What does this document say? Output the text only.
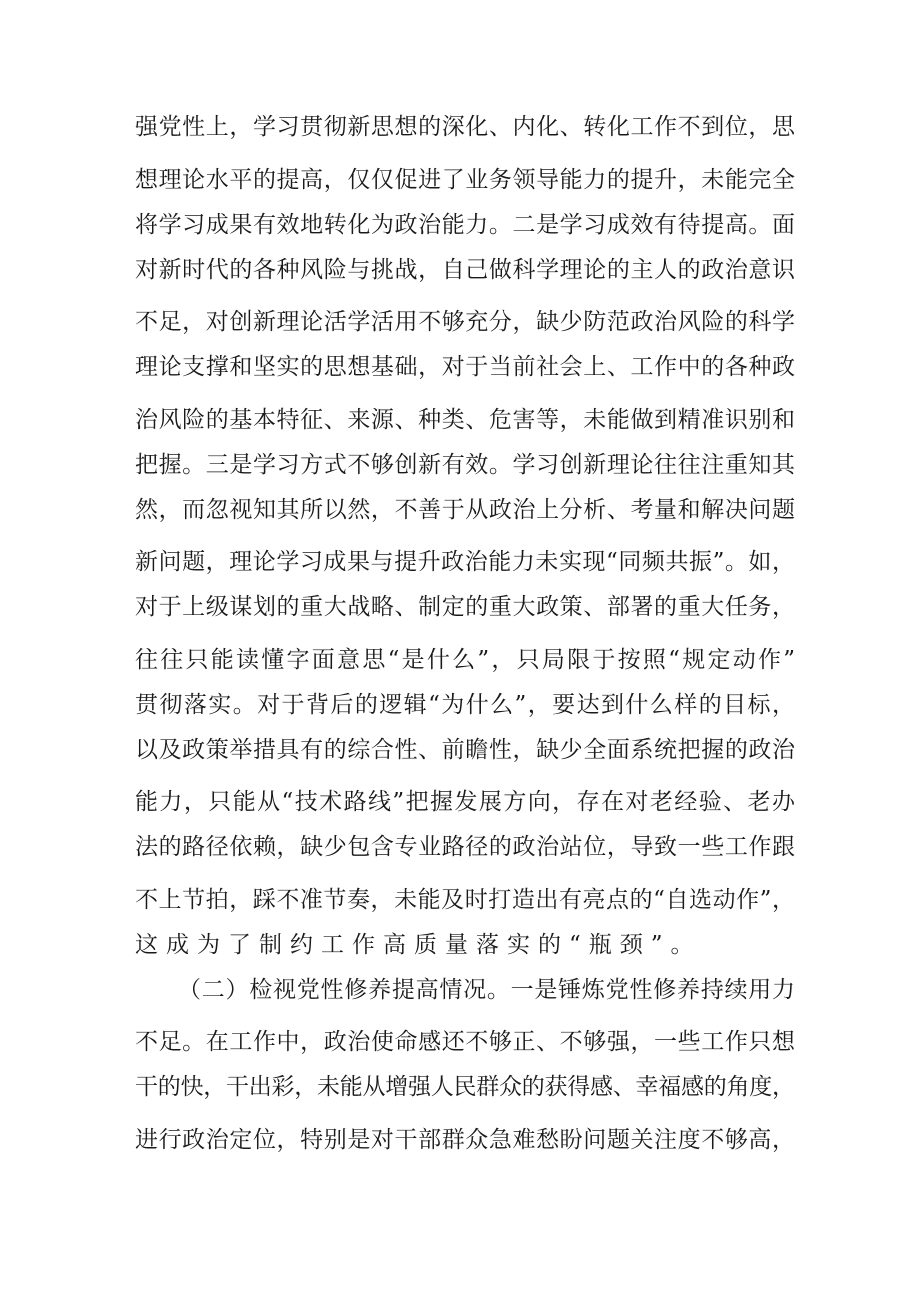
强党性上，学习贯彻新思想的深化、内化、转化工作不到位，思
想理论水平的提高，仅仅促进了业务领导能力的提升，未能完全
将学习成果有效地转化为政治能力。二是学习成效有待提高。面
对新时代的各种风险与挑战，自己做科学理论的主人的政治意识
不足，对创新理论活学活用不够充分，缺少防范政治风险的科学
理论支撑和坚实的思想基础，对于当前社会上、工作中的各种政
治风险的基本特征、来源、种类、危害等，未能做到精准识别和
把握。三是学习方式不够创新有效。学习创新理论往往注重知其
然，而忽视知其所以然，不善于从政治上分析、考量和解决问题
新问题，理论学习成果与提升政治能力未实现“同频共振”。如，
对于上级谋划的重大战略、制定的重大政策、部署的重大任务，
往往只能读懂字面意思“是什么”，只局限于按照“规定动作”
贯彻落实。对于背后的逻辑“为什么”，要达到什么样的目标，
以及政策举措具有的综合性、前瞻性，缺少全面系统把握的政治
能力，只能从“技术路线”把握发展方向，存在对老经验、老办
法的路径依赖，缺少包含专业路径的政治站位，导致一些工作跟
不上节拍，踩不准节奏，未能及时打造出有亮点的“自选动作”，
这成为了制约工作高质量落实的“瓶颈”。
（二）检视党性修养提高情况。一是锤炼党性修养持续用力
不足。在工作中，政治使命感还不够正、不够强，一些工作只想
干的快，干出彩，未能从增强人民群众的获得感、幸福感的角度，
进行政治定位，特别是对干部群众急难愁盼问题关注度不够高，
